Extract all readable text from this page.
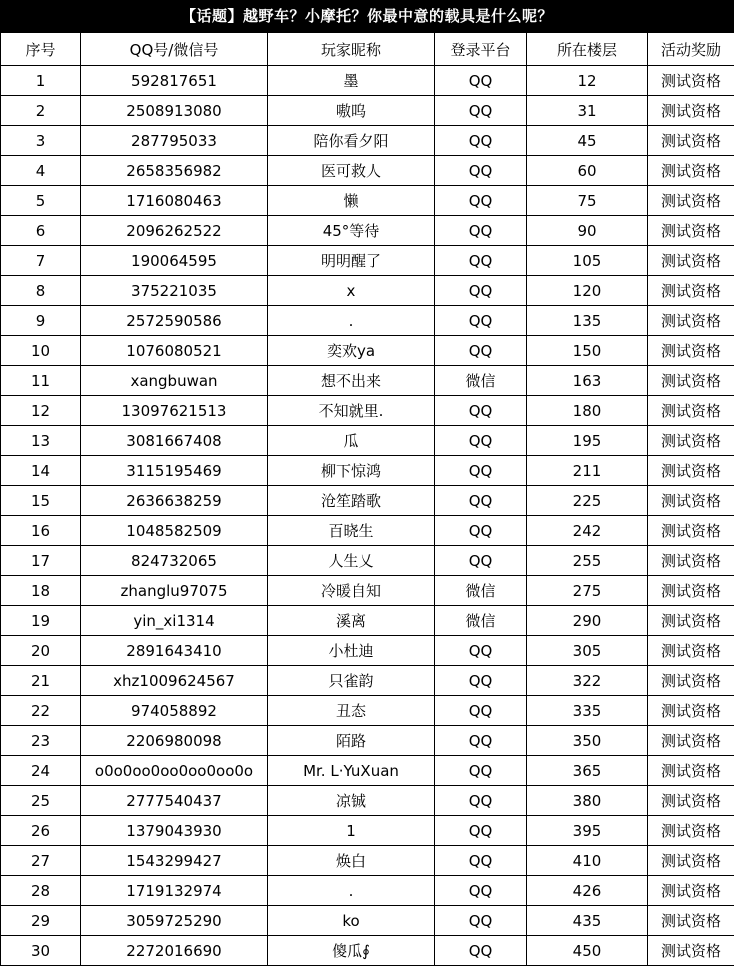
【话题】越野车？小摩托？你最中意的载具是什么呢？
序号	QQ号/微信号	玩家昵称	登录平台	所在楼层	活动奖励
1	592817651	墨	QQ	12	测试资格
2	2508913080	嗷呜	QQ	31	测试资格
3	287795033	陪你看夕阳	QQ	45	测试资格
4	2658356982	医可救人	QQ	60	测试资格
5	1716080463	懒	QQ	75	测试资格
6	2096262522	45°等待	QQ	90	测试资格
7	190064595	明明醒了	QQ	105	测试资格
8	375221035	x	QQ	120	测试资格
9	2572590586	.	QQ	135	测试资格
10	1076080521	奕欢ya	QQ	150	测试资格
11	xangbuwan	想不出来	微信	163	测试资格
12	13097621513	不知就里.	QQ	180	测试资格
13	3081667408	瓜	QQ	195	测试资格
14	3115195469	柳下惊鸿	QQ	211	测试资格
15	2636638259	沧笙踏歌	QQ	225	测试资格
16	1048582509	百晓生	QQ	242	测试资格
17	824732065	人生乂	QQ	255	测试资格
18	zhanglu97075	冷暖自知	微信	275	测试资格
19	yin_xi1314	溪离	微信	290	测试资格
20	2891643410	小杜迪	QQ	305	测试资格
21	xhz1009624567	只雀韵	QQ	322	测试资格
22	974058892	丑态	QQ	335	测试资格
23	2206980098	陌路	QQ	350	测试资格
24	o0o0oo0oo0oo0oo0o	Mr. L·YuXuan	QQ	365	测试资格
25	2777540437	凉铖	QQ	380	测试资格
26	1379043930	1	QQ	395	测试资格
27	1543299427	焕白	QQ	410	测试资格
28	1719132974	.	QQ	426	测试资格
29	3059725290	ko	QQ	435	测试资格
30	2272016690	傻瓜∮	QQ	450	测试资格
